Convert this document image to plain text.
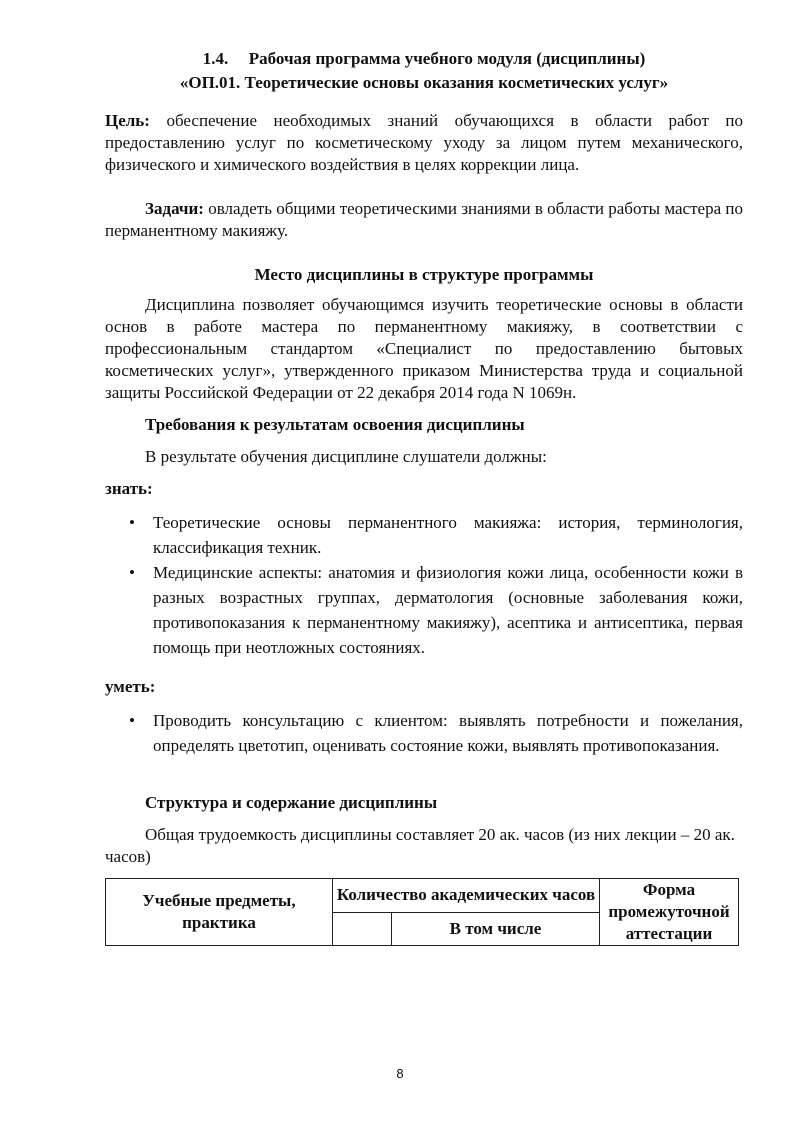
1.4. Рабочая программа учебного модуля (дисциплины)

«ОП.01. Теоретические основы оказания косметических услуг»

Цель: обеспечение необходимых знаний обучающихся в области работ по предоставлению услуг по косметическому уходу за лицом путем механического, физического и химического воздействия в целях коррекции лица.

Задачи: овладеть общими теоретическими знаниями в области работы мастера по перманентному макияжу.

Место дисциплины в структуре программы

Дисциплина позволяет обучающимся изучить теоретические основы в области основ в работе мастера по перманентному макияжу, в соответствии с профессиональным стандартом «Специалист по предоставлению бытовых косметических услуг», утвержденного приказом Министерства труда и социальной защиты Российской Федерации от 22 декабря 2014 года N 1069н.

Требования к результатам освоения дисциплины

В результате обучения дисциплине слушатели должны:

знать:

• Теоретические основы перманентного макияжа: история, терминология, классификация техник.
• Медицинские аспекты: анатомия и физиология кожи лица, особенности кожи в разных возрастных группах, дерматология (основные заболевания кожи, противопоказания к перманентному макияжу), асептика и антисептика, первая помощь при неотложных состояниях.

уметь:

• Проводить консультацию с клиентом: выявлять потребности и пожелания, определять цветотип, оценивать состояние кожи, выявлять противопоказания.

Структура и содержание дисциплины

Общая трудоемкость дисциплины составляет 20 ак. часов (из них лекции – 20 ак. часов)

Учебные предметы, практика	Количество академических часов		Форма промежуточной аттестации
		В том числе	
8
